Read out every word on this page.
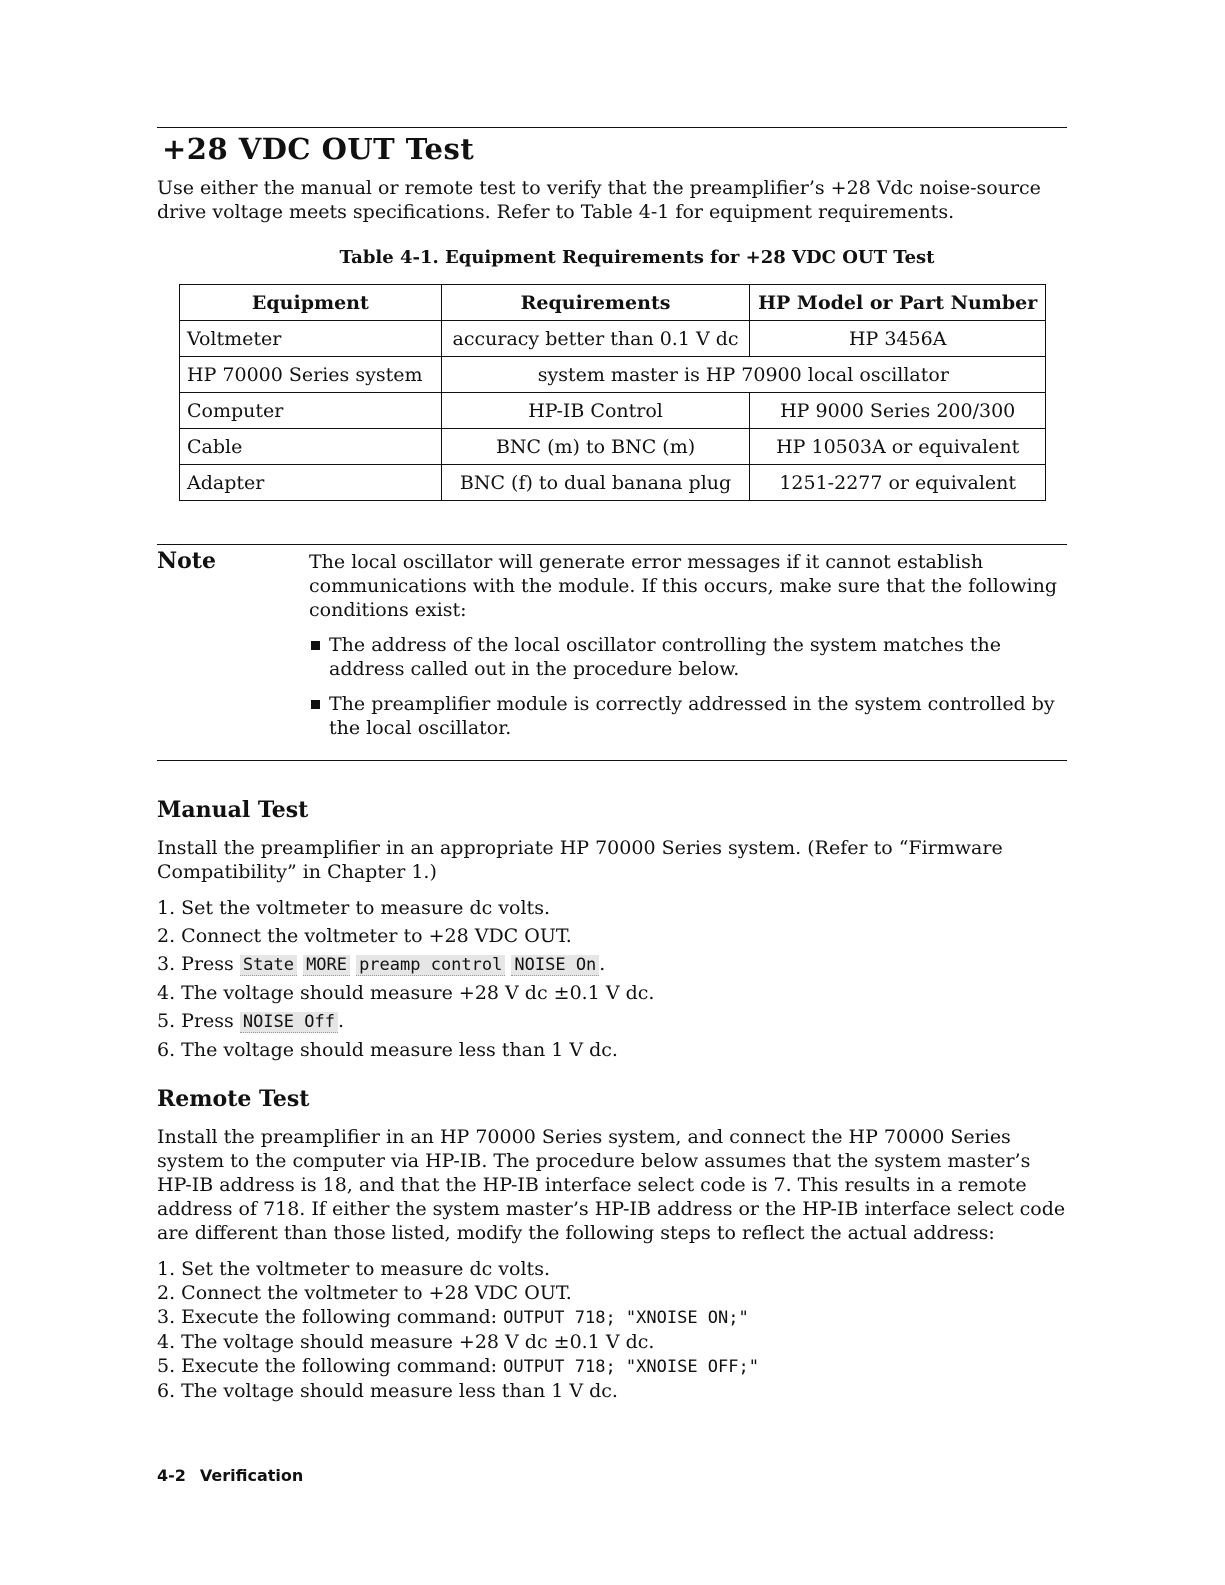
+28 VDC OUT Test

Use either the manual or remote test to verify that the preamplifier’s +28 Vdc noise-source drive voltage meets specifications. Refer to Table 4-1 for equipment requirements.

Table 4-1. Equipment Requirements for +28 VDC OUT Test
Equipment	Requirements	HP Model or Part Number
Voltmeter	accuracy better than 0.1 V dc	HP 3456A
HP 70000 Series system	system master is HP 70900 local oscillator	
Computer	HP-IB Control	HP 9000 Series 200/300
Cable	BNC (m) to BNC (m)	HP 10503A or equivalent
Adapter	BNC (f) to dual banana plug	1251-2277 or equivalent
Note	The local oscillator will generate error messages if it cannot establish communications with the module. If this occurs, make sure that the following conditions exist:

The address of the local oscillator controlling the system matches the address called out in the procedure below.
The preamplifier module is correctly addressed in the system controlled by the local oscillator.
Manual Test

Install the preamplifier in an appropriate HP 70000 Series system. (Refer to “Firmware Compatibility” in Chapter 1.)

1. Set the voltmeter to measure dc volts.
2. Connect the voltmeter to +28 VDC OUT.
3. Press State MORE preamp control NOISE On .
4. The voltage should measure +28 V dc ±0.1 V dc.
5. Press NOISE Off .
6. The voltage should measure less than 1 V dc.
Remote Test

Install the preamplifier in an HP 70000 Series system, and connect the HP 70000 Series system to the computer via HP-IB. The procedure below assumes that the system master’s HP-IB address is 18, and that the HP-IB interface select code is 7. This results in a remote address of 718. If either the system master’s HP-IB address or the HP-IB interface select code are different than those listed, modify the following steps to reflect the actual address:

1. Set the voltmeter to measure dc volts.
2. Connect the voltmeter to +28 VDC OUT.
3. Execute the following command: OUTPUT 718; "XNOISE ON;"
4. The voltage should measure +28 V dc ±0.1 V dc.
5. Execute the following command: OUTPUT 718; "XNOISE OFF;"
6. The voltage should measure less than 1 V dc.
4-2 Verification
